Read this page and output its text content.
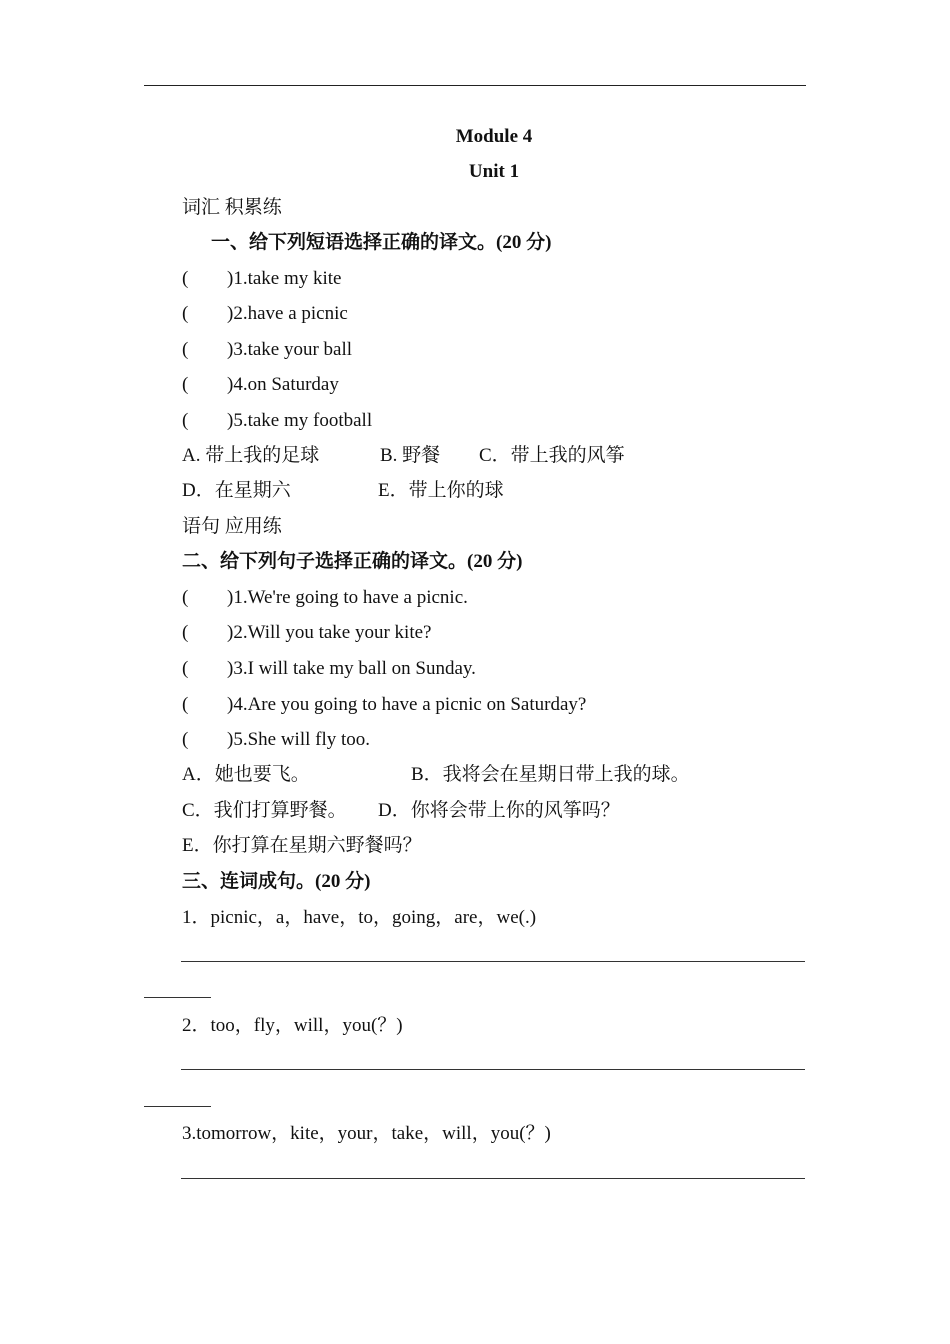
Module 4
Unit 1
词汇 积累练
一、给下列短语选择正确的译文。(20 分)
( )1.take my kite
( )2.have a picnic
( )3.take your ball
( )4.on Saturday
( )5.take my football
A. 带上我的足球	B. 野餐 C．带上我的风筝
D．在星期六	E．带上你的球
语句 应用练
二、给下列句子选择正确的译文。(20 分)
( )1.We're going to have a picnic.
( )2.Will you take your kite?
( )3.I will take my ball on Sunday.
( )4.Are you going to have a picnic on Saturday?
( )5.She will fly too.
A．她也要飞。	B．我将会在星期日带上我的球。
C．我们打算野餐。 D．你将会带上你的风筝吗？
E．你打算在星期六野餐吗？
三、连词成句。(20 分)
1．picnic，a，have，to，going，are，we(.)
2．too，fly，will，you(？)
3.tomorrow，kite，your，take，will，you(？)
